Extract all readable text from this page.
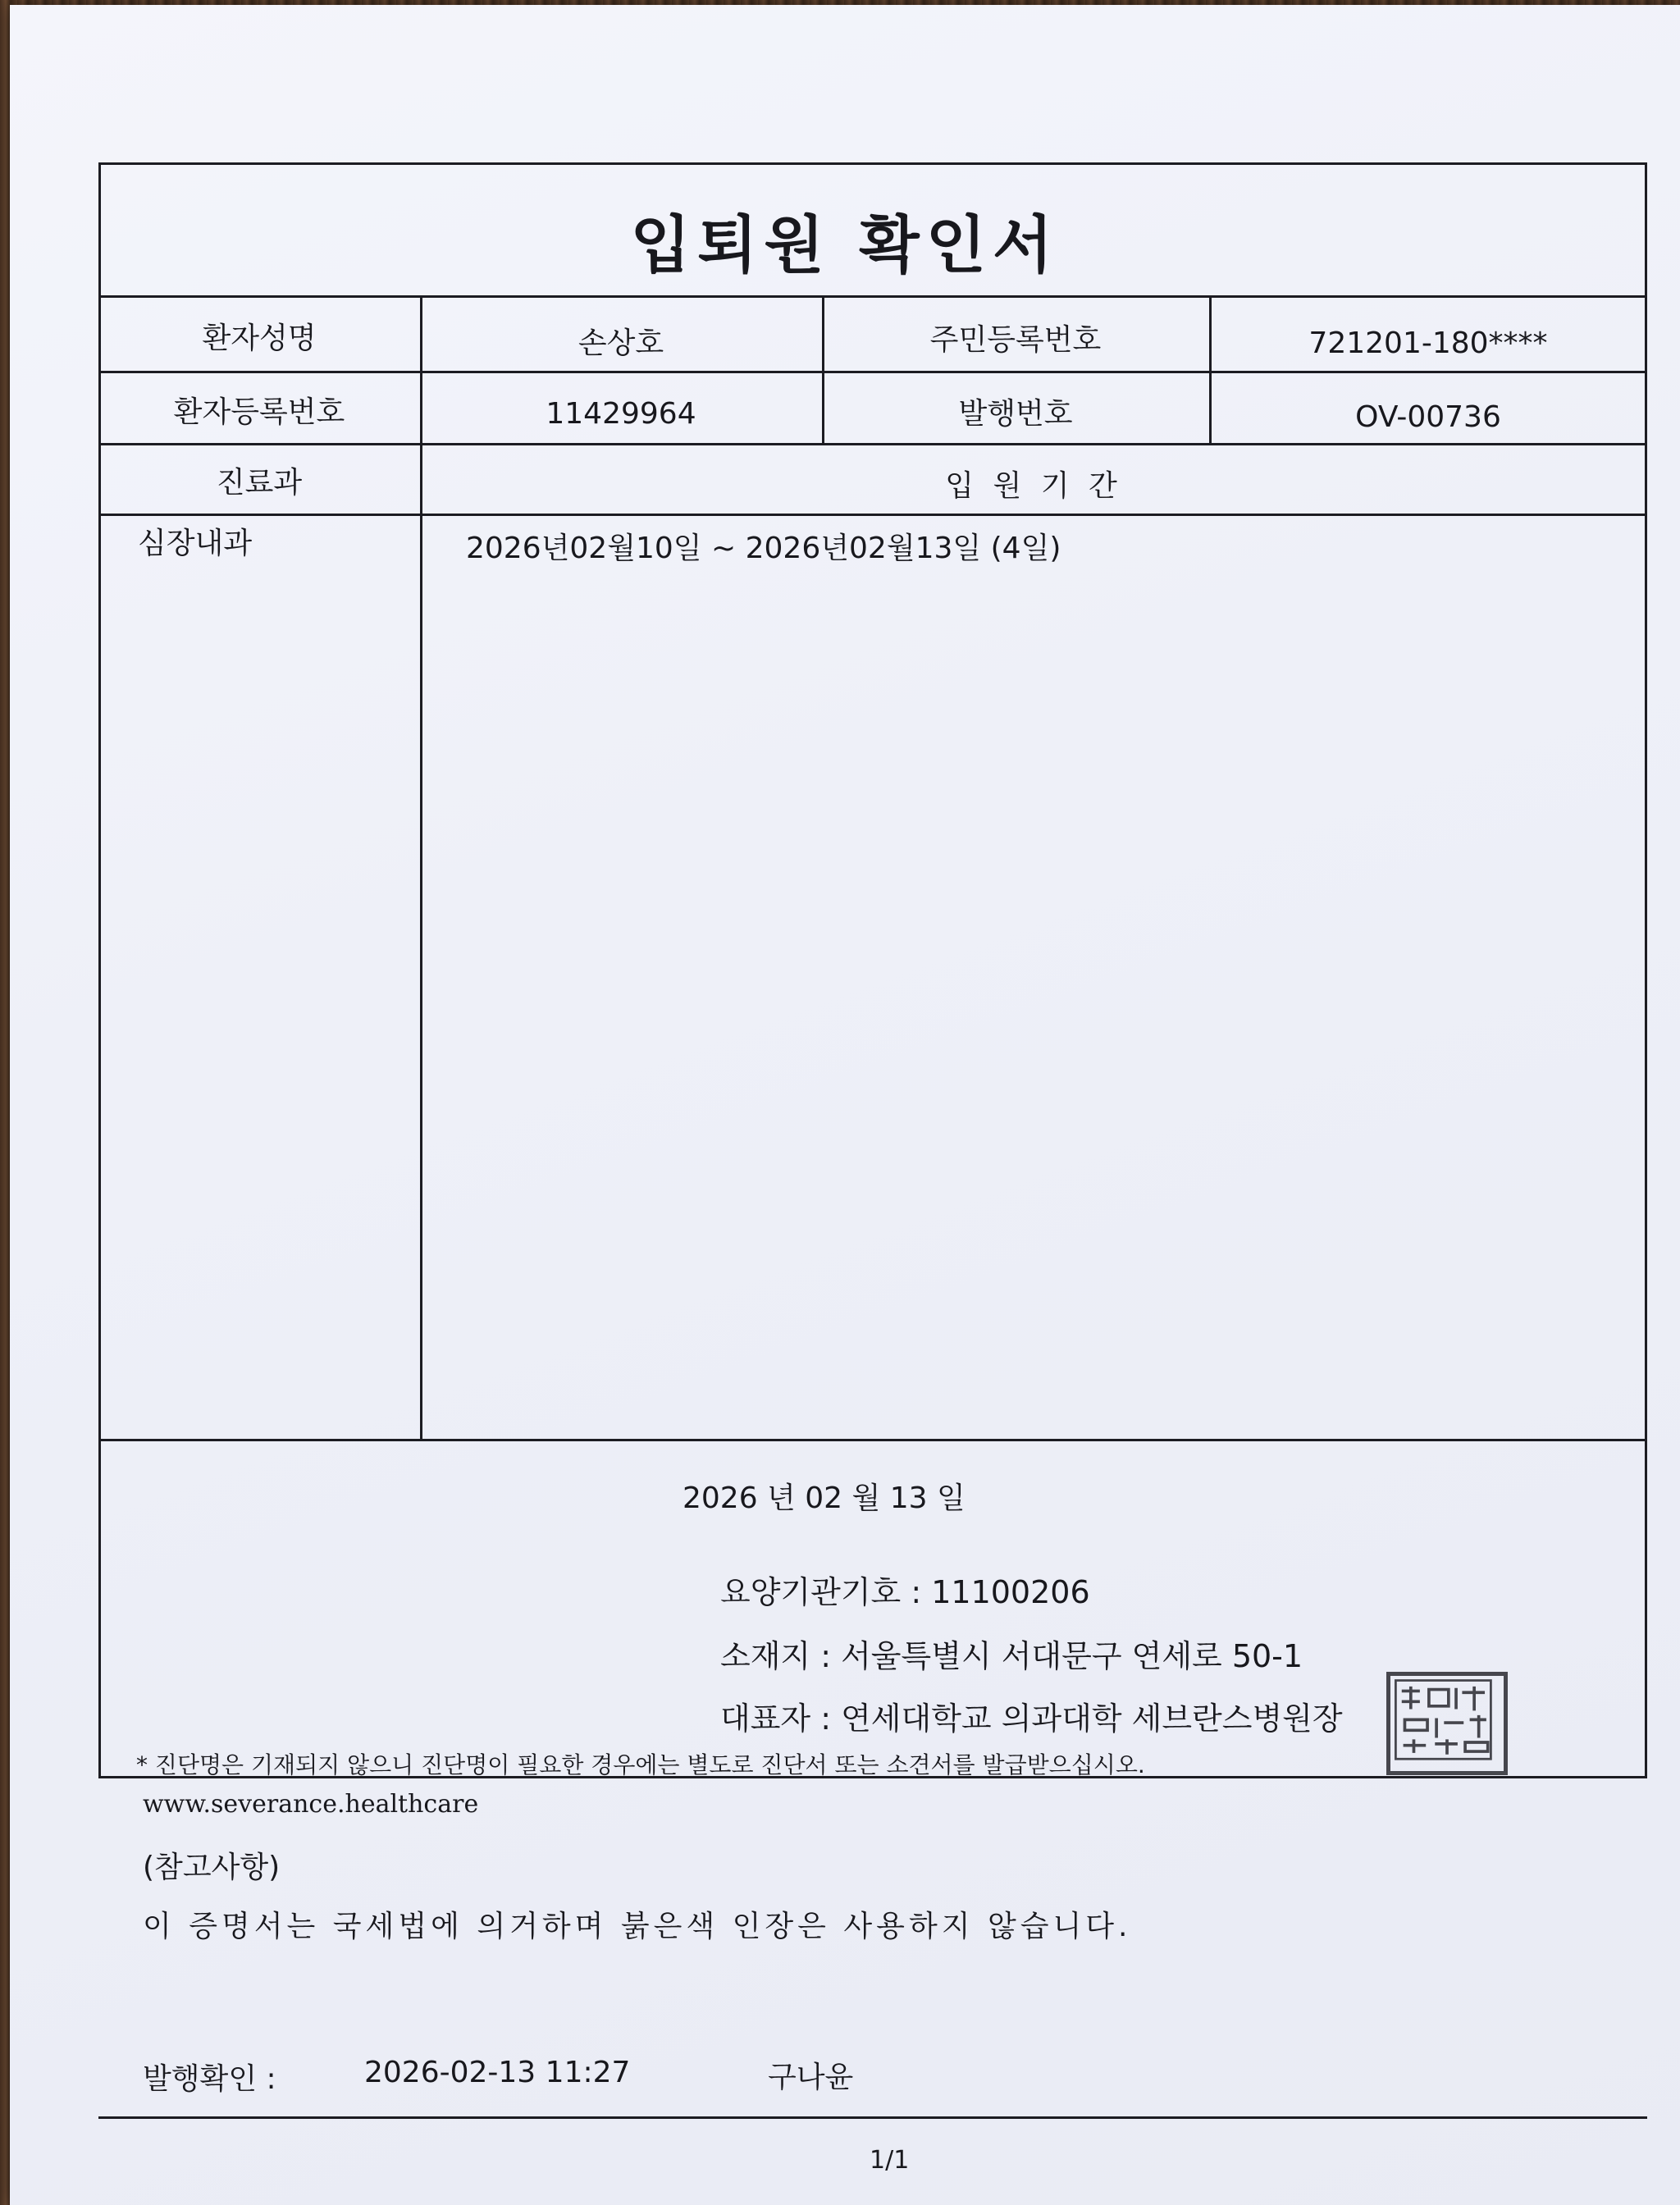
입퇴원 확인서
환자성명	손상호	주민등록번호	721201-180****
환자등록번호	11429964	발행번호	OV-00736
진료과	입 원 기 간
심장내과	2026년02월10일 ~ 2026년02월13일 (4일)
2026 년 02 월 13 일
요양기관기호 : 11100206
소재지 : 서울특별시 서대문구 연세로 50-1
대표자 : 연세대학교 의과대학 세브란스병원장
* 진단명은 기재되지 않으니 진단명이 필요한 경우에는 별도로 진단서 또는 소견서를 발급받으십시오.
www.severance.healthcare
(참고사항)
이 증명서는 국세법에 의거하며 붉은색 인장은 사용하지 않습니다.
발행확인 :	2026-02-13 11:27	구나윤
1/1
